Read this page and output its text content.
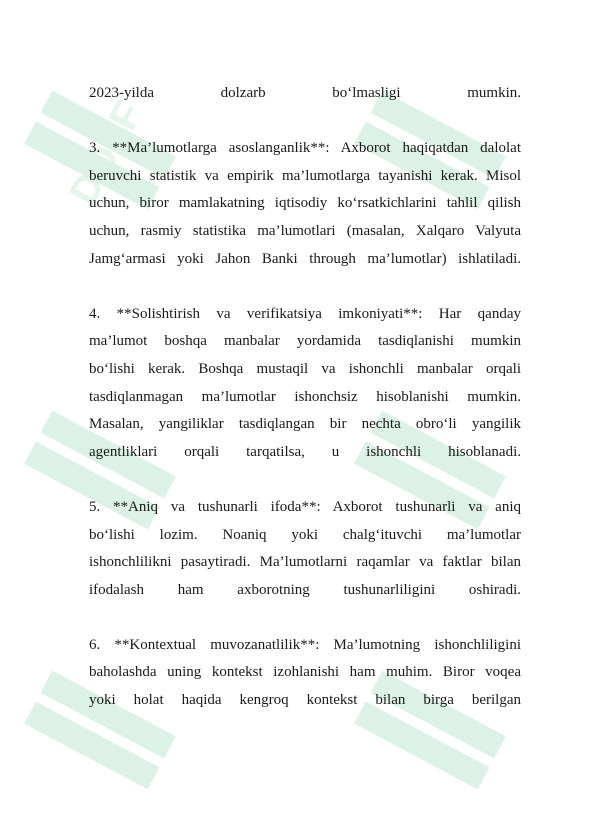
DOFF
2023-yilda dolzarb bo‘lmasligi mumkin.
3. **Ma’lumotlarga asoslanganlik**: Axborot haqiqatdan dalolat
beruvchi statistik va empirik ma’lumotlarga tayanishi kerak. Misol
uchun, biror mamlakatning iqtisodiy ko‘rsatkichlarini tahlil qilish
uchun, rasmiy statistika ma’lumotlari (masalan, Xalqaro Valyuta
Jamg‘armasi yoki Jahon Banki through ma’lumotlar) ishlatiladi.
4. **Solishtirish va verifikatsiya imkoniyati**: Har qanday
ma’lumot boshqa manbalar yordamida tasdiqlanishi mumkin
bo‘lishi kerak. Boshqa mustaqil va ishonchli manbalar orqali
tasdiqlanmagan ma’lumotlar ishonchsiz hisoblanishi mumkin.
Masalan, yangiliklar tasdiqlangan bir nechta obro‘li yangilik
agentliklari orqali tarqatilsa, u ishonchli hisoblanadi.
5. **Aniq va tushunarli ifoda**: Axborot tushunarli va aniq
bo‘lishi lozim. Noaniq yoki chalg‘ituvchi ma’lumotlar
ishonchlilikni pasaytiradi. Ma’lumotlarni raqamlar va faktlar bilan
ifodalash ham axborotning tushunarliligini oshiradi.
6. **Kontextual muvozanatlilik**: Ma’lumotning ishonchliligini
baholashda uning kontekst izohlanishi ham muhim. Biror voqea
yoki holat haqida kengroq kontekst bilan birga berilgan
